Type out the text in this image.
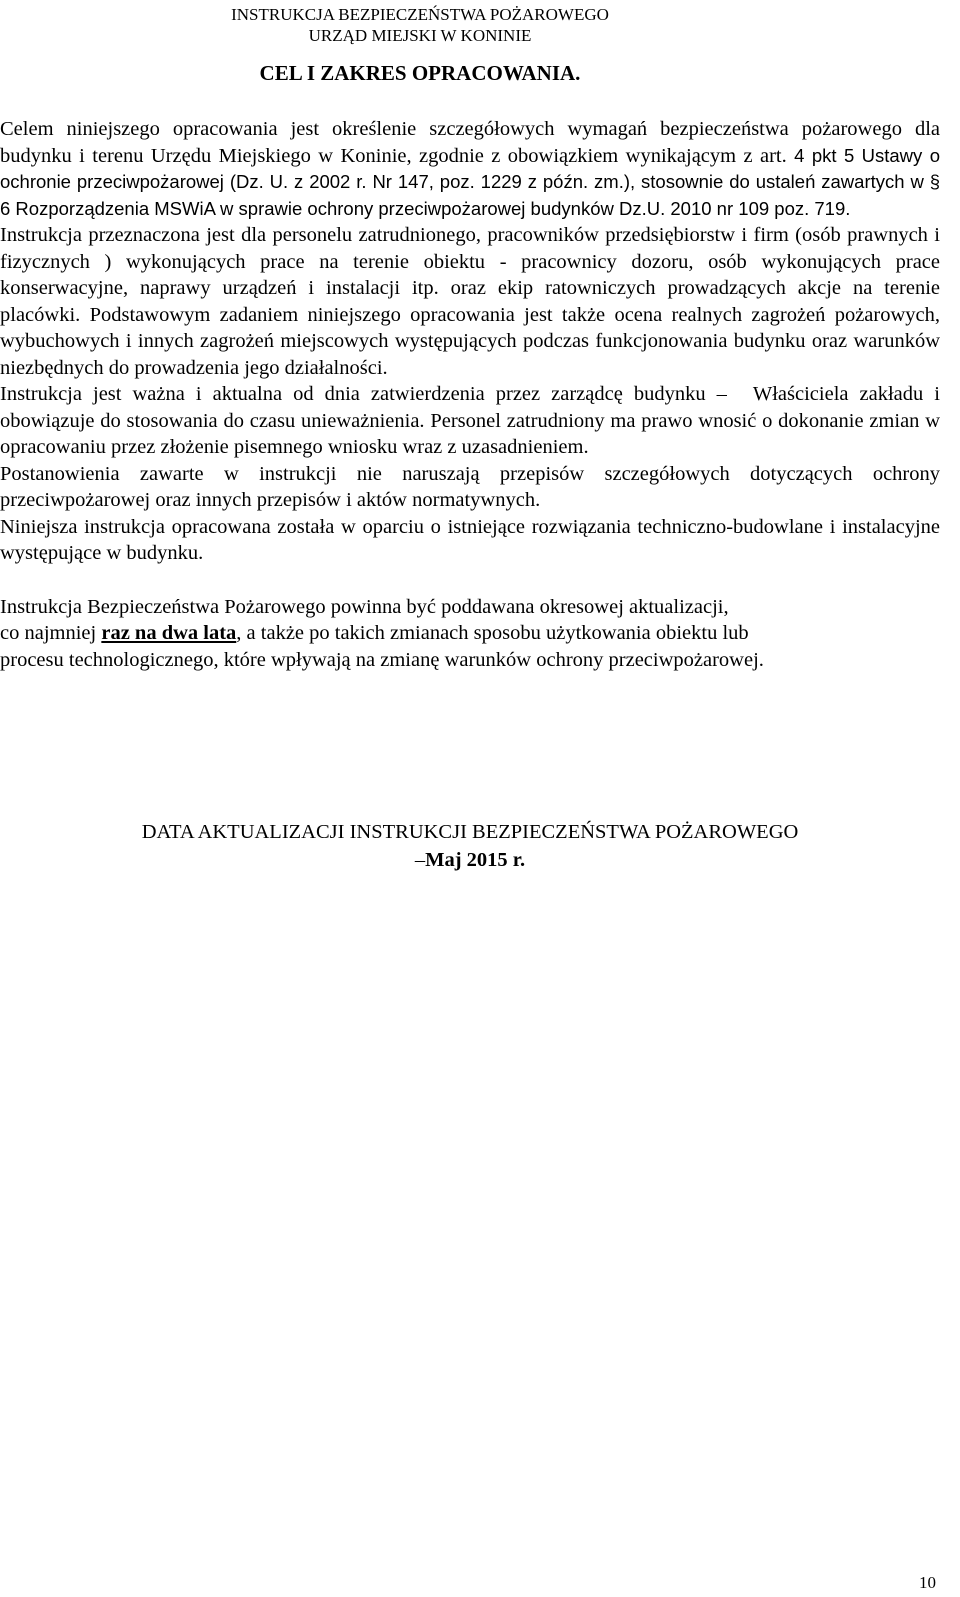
INSTRUKCJA BEZPIECZEŃSTWA POŻAROWEGO
URZĄD MIEJSKI W KONINIE
CEL I ZAKRES OPRACOWANIA.

Celem niniejszego opracowania jest określenie szczegółowych wymagań bezpieczeństwa pożarowego dla budynku i terenu Urzędu Miejskiego w Koninie, zgodnie z obowiązkiem wynikającym z art. 4 pkt 5 Ustawy o ochronie przeciwpożarowej (Dz. U. z 2002 r. Nr 147, poz. 1229 z późn. zm.), stosownie do ustaleń zawartych w § 6 Rozporządzenia MSWiA w sprawie ochrony przeciwpożarowej budynków Dz.U. 2010 nr 109 poz. 719.

Instrukcja przeznaczona jest dla personelu zatrudnionego, pracowników przedsiębiorstw i firm (osób prawnych i fizycznych ) wykonujących prace na terenie obiektu - pracownicy dozoru, osób wykonujących prace konserwacyjne, naprawy urządzeń i instalacji itp. oraz ekip ratowniczych prowadzących akcje na terenie placówki. Podstawowym zadaniem niniejszego opracowania jest także ocena realnych zagrożeń pożarowych, wybuchowych i innych zagrożeń miejscowych występujących podczas funkcjonowania budynku oraz warunków niezbędnych do prowadzenia jego działalności.

Instrukcja jest ważna i aktualna od dnia zatwierdzenia przez zarządcę budynku – Właściciela zakładu i obowiązuje do stosowania do czasu unieważnienia. Personel zatrudniony ma prawo wnosić o dokonanie zmian w opracowaniu przez złożenie pisemnego wniosku wraz z uzasadnieniem.

Postanowienia zawarte w instrukcji nie naruszają przepisów szczegółowych dotyczących ochrony przeciwpożarowej oraz innych przepisów i aktów normatywnych.

Niniejsza instrukcja opracowana została w oparciu o istniejące rozwiązania techniczno-budowlane i instalacyjne występujące w budynku.

Instrukcja Bezpieczeństwa Pożarowego powinna być poddawana okresowej aktualizacji,
co najmniej raz na dwa lata, a także po takich zmianach sposobu użytkowania obiektu lub
procesu technologicznego, które wpływają na zmianę warunków ochrony przeciwpożarowej.

DATA AKTUALIZACJI INSTRUKCJI BEZPIECZEŃSTWA POŻAROWEGO
–Maj 2015 r.
10
